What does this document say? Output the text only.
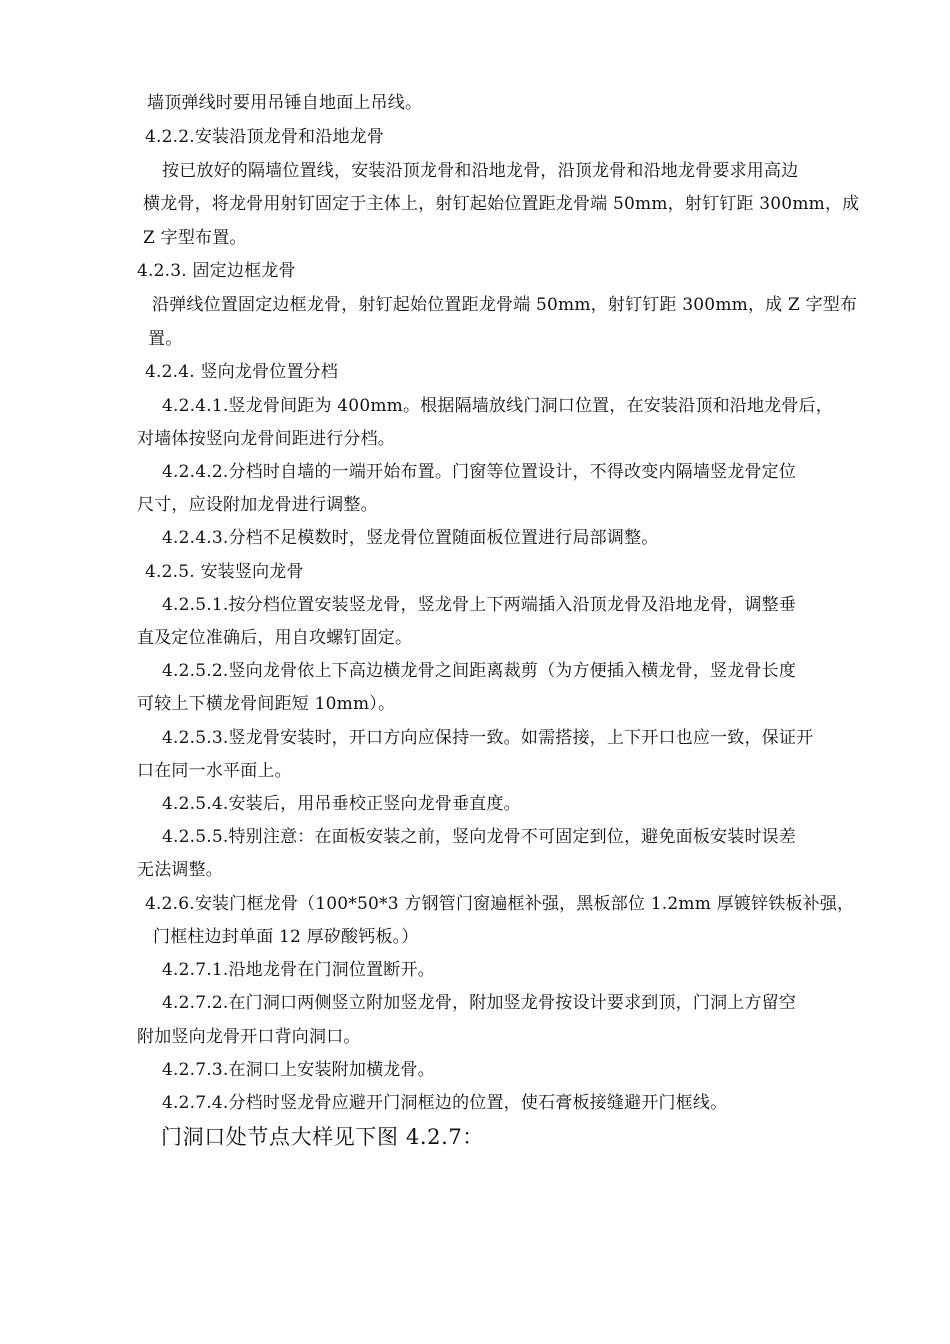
墙顶弹线时要用吊锤自地面上吊线。
4.2.2.安装沿顶龙骨和沿地龙骨
按已放好的隔墙位置线，安装沿顶龙骨和沿地龙骨，沿顶龙骨和沿地龙骨要求用高边
横龙骨，将龙骨用射钉固定于主体上，射钉起始位置距龙骨端 50mm，射钉钉距 300mm，成
Z 字型布置。
4.2.3. 固定边框龙骨
沿弹线位置固定边框龙骨，射钉起始位置距龙骨端 50mm，射钉钉距 300mm，成 Z 字型布
置。
4.2.4. 竖向龙骨位置分档
4.2.4.1.竖龙骨间距为 400mm。根据隔墙放线门洞口位置，在安装沿顶和沿地龙骨后，
对墙体按竖向龙骨间距进行分档。
4.2.4.2.分档时自墙的一端开始布置。门窗等位置设计，不得改变内隔墙竖龙骨定位
尺寸，应设附加龙骨进行调整。
4.2.4.3.分档不足模数时，竖龙骨位置随面板位置进行局部调整。
4.2.5. 安装竖向龙骨
4.2.5.1.按分档位置安装竖龙骨，竖龙骨上下两端插入沿顶龙骨及沿地龙骨，调整垂
直及定位准确后，用自攻螺钉固定。
4.2.5.2.竖向龙骨依上下高边横龙骨之间距离裁剪（为方便插入横龙骨，竖龙骨长度
可较上下横龙骨间距短 10mm）。
4.2.5.3.竖龙骨安装时，开口方向应保持一致。如需搭接，上下开口也应一致，保证开
口在同一水平面上。
4.2.5.4.安装后，用吊垂校正竖向龙骨垂直度。
4.2.5.5.特别注意：在面板安装之前，竖向龙骨不可固定到位，避免面板安装时误差
无法调整。
4.2.6.安装门框龙骨（100*50*3 方钢管门窗遍框补强，黑板部位 1.2mm 厚镀锌铁板补强，
门框柱边封单面 12 厚矽酸钙板。）
4.2.7.1.沿地龙骨在门洞位置断开。
4.2.7.2.在门洞口两侧竖立附加竖龙骨，附加竖龙骨按设计要求到顶，门洞上方留空
附加竖向龙骨开口背向洞口。
4.2.7.3.在洞口上安装附加横龙骨。
4.2.7.4.分档时竖龙骨应避开门洞框边的位置，使石膏板接缝避开门框线。
门洞口处节点大样见下图 4.2.7：
